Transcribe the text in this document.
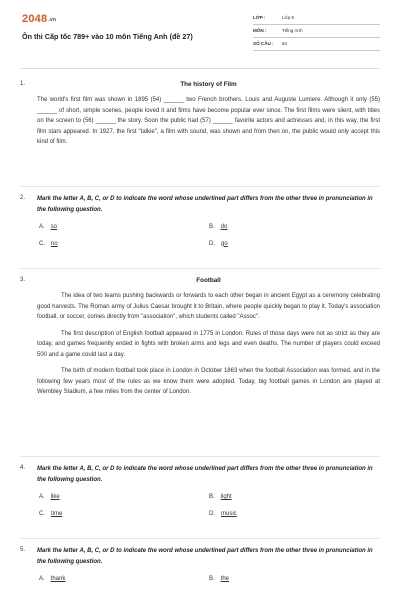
2048.vn
Ôn thi Cấp tốc 789+ vào 10 môn Tiếng Anh (đề 27)
LỚP :	Lớp 9
MÔN :	Tiếng Anh
SỐ CÂU :	64
1.	The history of Film
The world's first film was shown in 1895 (54) ______ two French brothers, Louis and Auguste Lumiere. Although it only (55) ______ of short, simple scenes, people loved it and films have become popular ever since. The first films were silent, with titles on the screen to (56) ______ the story. Soon the public had (57) ______ favorite actors and actresses and, in this way, the first film stars appeared. In 1927, the first "talkie", a film with sound, was shown and from then on, the public would only accept this kind of film.
2. Mark the letter A, B, C, or D to indicate the word whose underlined part differs from the other three in pronunciation in the following question.
A. so	B. do
C. no	D. go
3.	Football
The idea of two teams pushing backwards or forwards to each other began in ancient Egypt as a ceremony celebrating good harvests. The Roman army of Julius Caesar brought it to Britain, where people quickly began to play it. Today's association football, or soccer, comes directly from "association", which students called "Assoc".
The first description of English football appeared in 1775 in London. Rules of those days were not as strict as they are today, and games frequently ended in fights with broken arms and legs and even deaths. The number of players could exceed 500 and a game could last a day.
The birth of modern football took place in London in October 1863 when the football Association was formed, and in the following few years most of the rules as we know them were adopted. Today, big football games in London are played at Wembley Stadium, a few miles from the center of London.
4. Mark the letter A, B, C, or D to indicate the word whose underlined part differs from the other three in pronunciation in the following question.
A. like	B. light
C. time	D. music
5. Mark the letter A, B, C, or D to indicate the word whose underlined part differs from the other three in pronunciation in the following question.
A. thank	B. the
